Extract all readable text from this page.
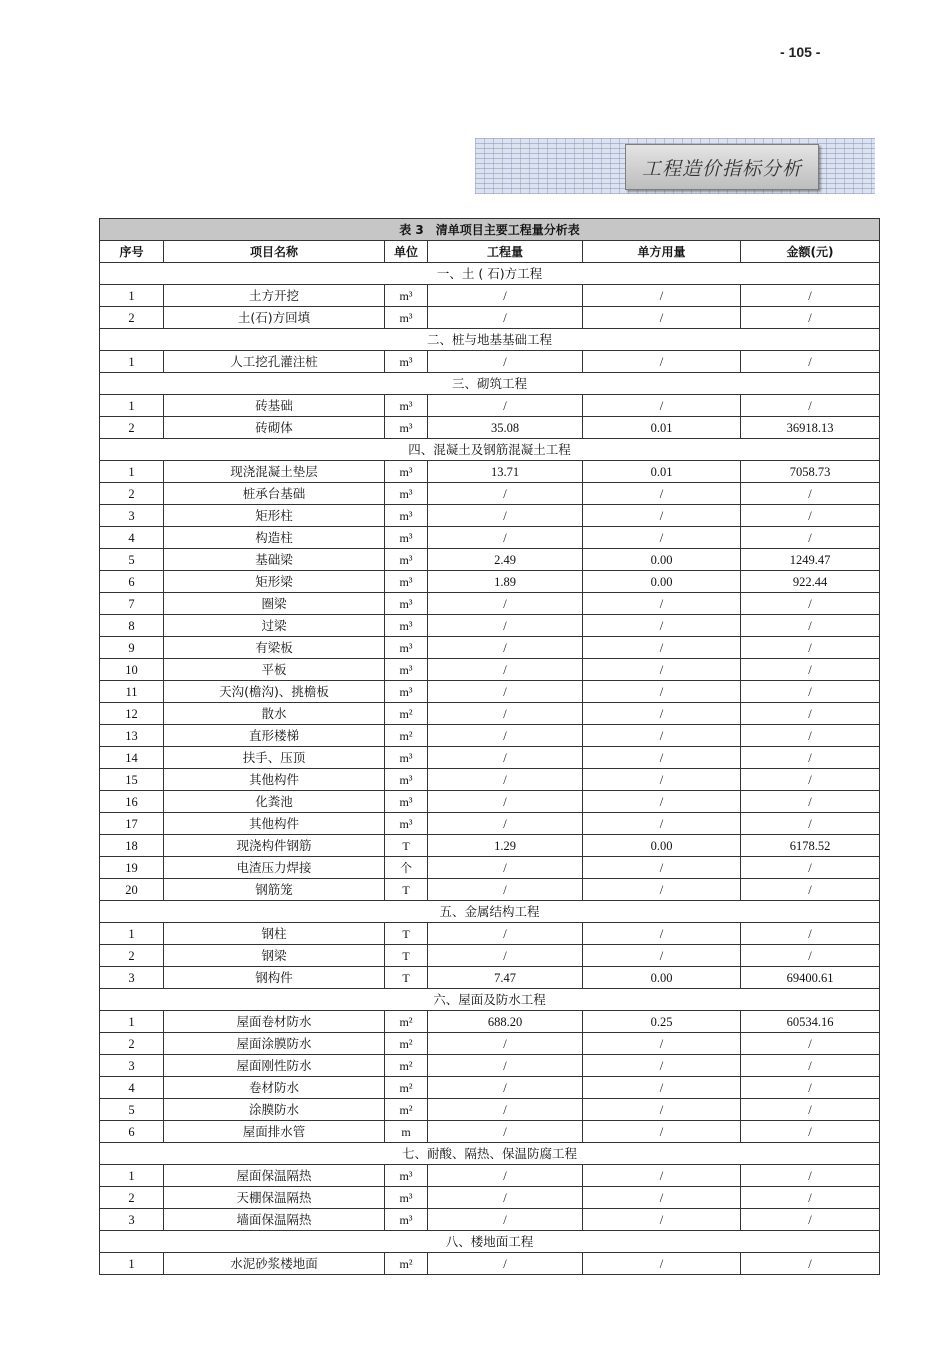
- 105 -
工程造价指标分析
表 3　清单项目主要工程量分析表					
序号	项目名称	单位	工程量	单方用量	金额(元)
一、土 ( 石)方工程					
1	土方开挖	m³	/	/	/
2	土(石)方回填	m³	/	/	/
二、桩与地基基础工程					
1	人工挖孔灌注桩	m³	/	/	/
三、砌筑工程					
1	砖基础	m³	/	/	/
2	砖砌体	m³	35.08	0.01	36918.13
四、混凝土及钢筋混凝土工程					
1	现浇混凝土垫层	m³	13.71	0.01	7058.73
2	桩承台基础	m³	/	/	/
3	矩形柱	m³	/	/	/
4	构造柱	m³	/	/	/
5	基础梁	m³	2.49	0.00	1249.47
6	矩形梁	m³	1.89	0.00	922.44
7	圈梁	m³	/	/	/
8	过梁	m³	/	/	/
9	有梁板	m³	/	/	/
10	平板	m³	/	/	/
11	天沟(檐沟)、挑檐板	m³	/	/	/
12	散水	m²	/	/	/
13	直形楼梯	m²	/	/	/
14	扶手、压顶	m³	/	/	/
15	其他构件	m³	/	/	/
16	化粪池	m³	/	/	/
17	其他构件	m³	/	/	/
18	现浇构件钢筋	T	1.29	0.00	6178.52
19	电渣压力焊接	个	/	/	/
20	钢筋笼	T	/	/	/
五、金属结构工程					
1	钢柱	T	/	/	/
2	钢梁	T	/	/	/
3	钢构件	T	7.47	0.00	69400.61
六、屋面及防水工程					
1	屋面卷材防水	m²	688.20	0.25	60534.16
2	屋面涂膜防水	m²	/	/	/
3	屋面刚性防水	m²	/	/	/
4	卷材防水	m²	/	/	/
5	涂膜防水	m²	/	/	/
6	屋面排水管	m	/	/	/
七、耐酸、隔热、保温防腐工程					
1	屋面保温隔热	m³	/	/	/
2	天棚保温隔热	m³	/	/	/
3	墙面保温隔热	m³	/	/	/
八、楼地面工程					
1	水泥砂浆楼地面	m²	/	/	/
